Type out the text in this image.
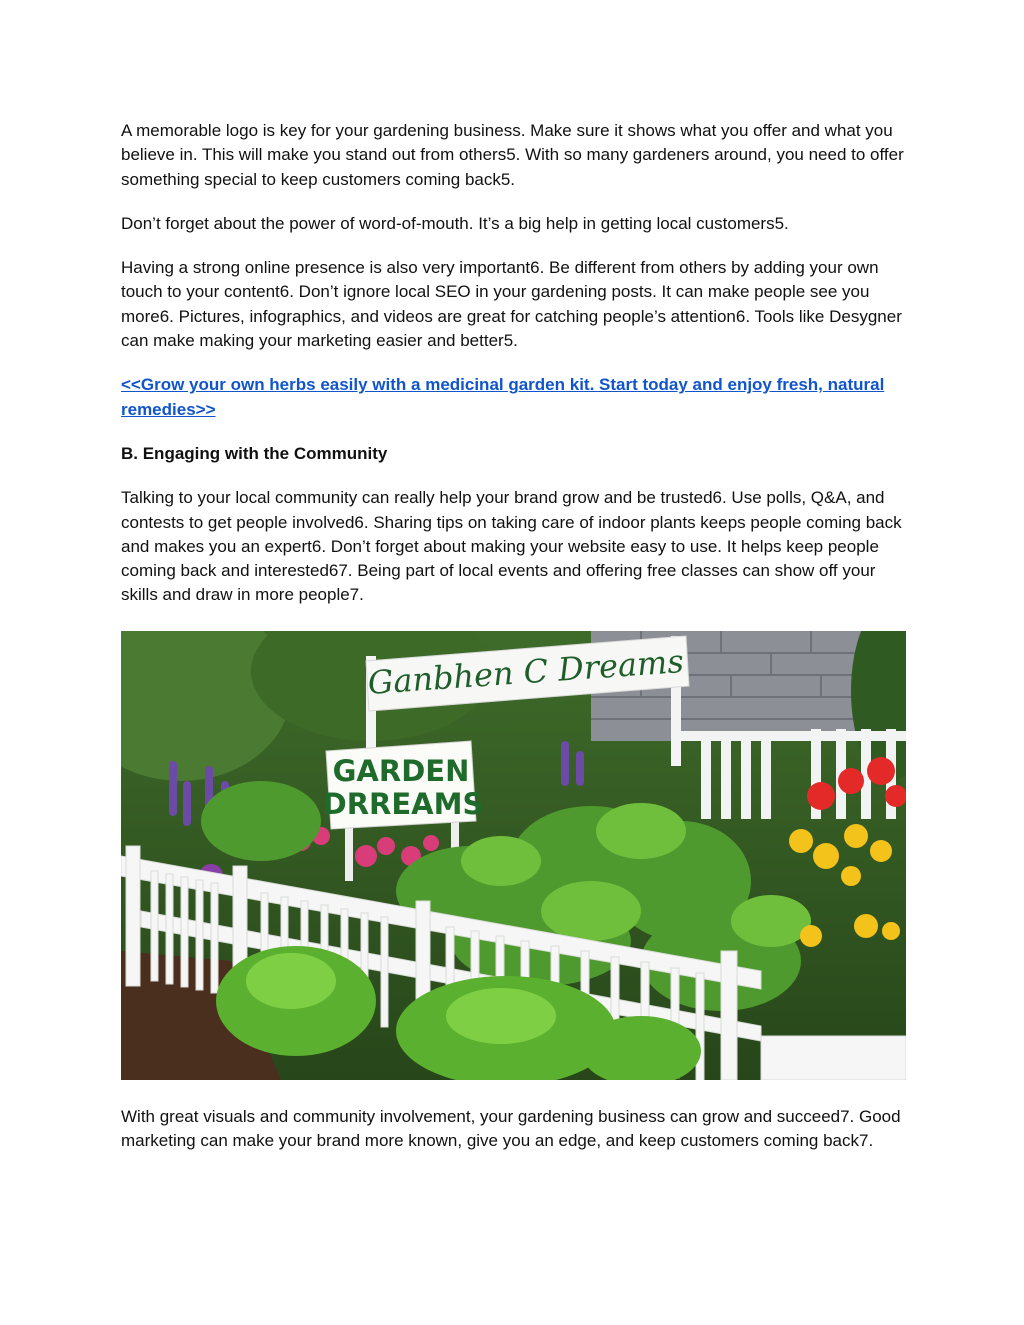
A memorable logo is key for your gardening business. Make sure it shows what you offer and what you believe in. This will make you stand out from others5. With so many gardeners around, you need to offer something special to keep customers coming back5.

Don’t forget about the power of word-of-mouth. It’s a big help in getting local customers5.

Having a strong online presence is also very important6. Be different from others by adding your own touch to your content6. Don’t ignore local SEO in your gardening posts. It can make people see you more6. Pictures, infographics, and videos are great for catching people’s attention6. Tools like Desygner can make making your marketing easier and better5.

<<Grow your own herbs easily with a medicinal garden kit. Start today and enjoy fresh, natural remedies>>

B. Engaging with the Community

Talking to your local community can really help your brand grow and be trusted6. Use polls, Q&A, and contests to get people involved6. Sharing tips on taking care of indoor plants keeps people coming back and makes you an expert6. Don’t forget about making your website easy to use. It helps keep people coming back and interested67. Being part of local events and offering free classes can show off your skills and draw in more people7.

Ganbhen C Dreams
GARDEN
DRREAMS

With great visuals and community involvement, your gardening business can grow and succeed7. Good marketing can make your brand more known, give you an edge, and keep customers coming back7.
